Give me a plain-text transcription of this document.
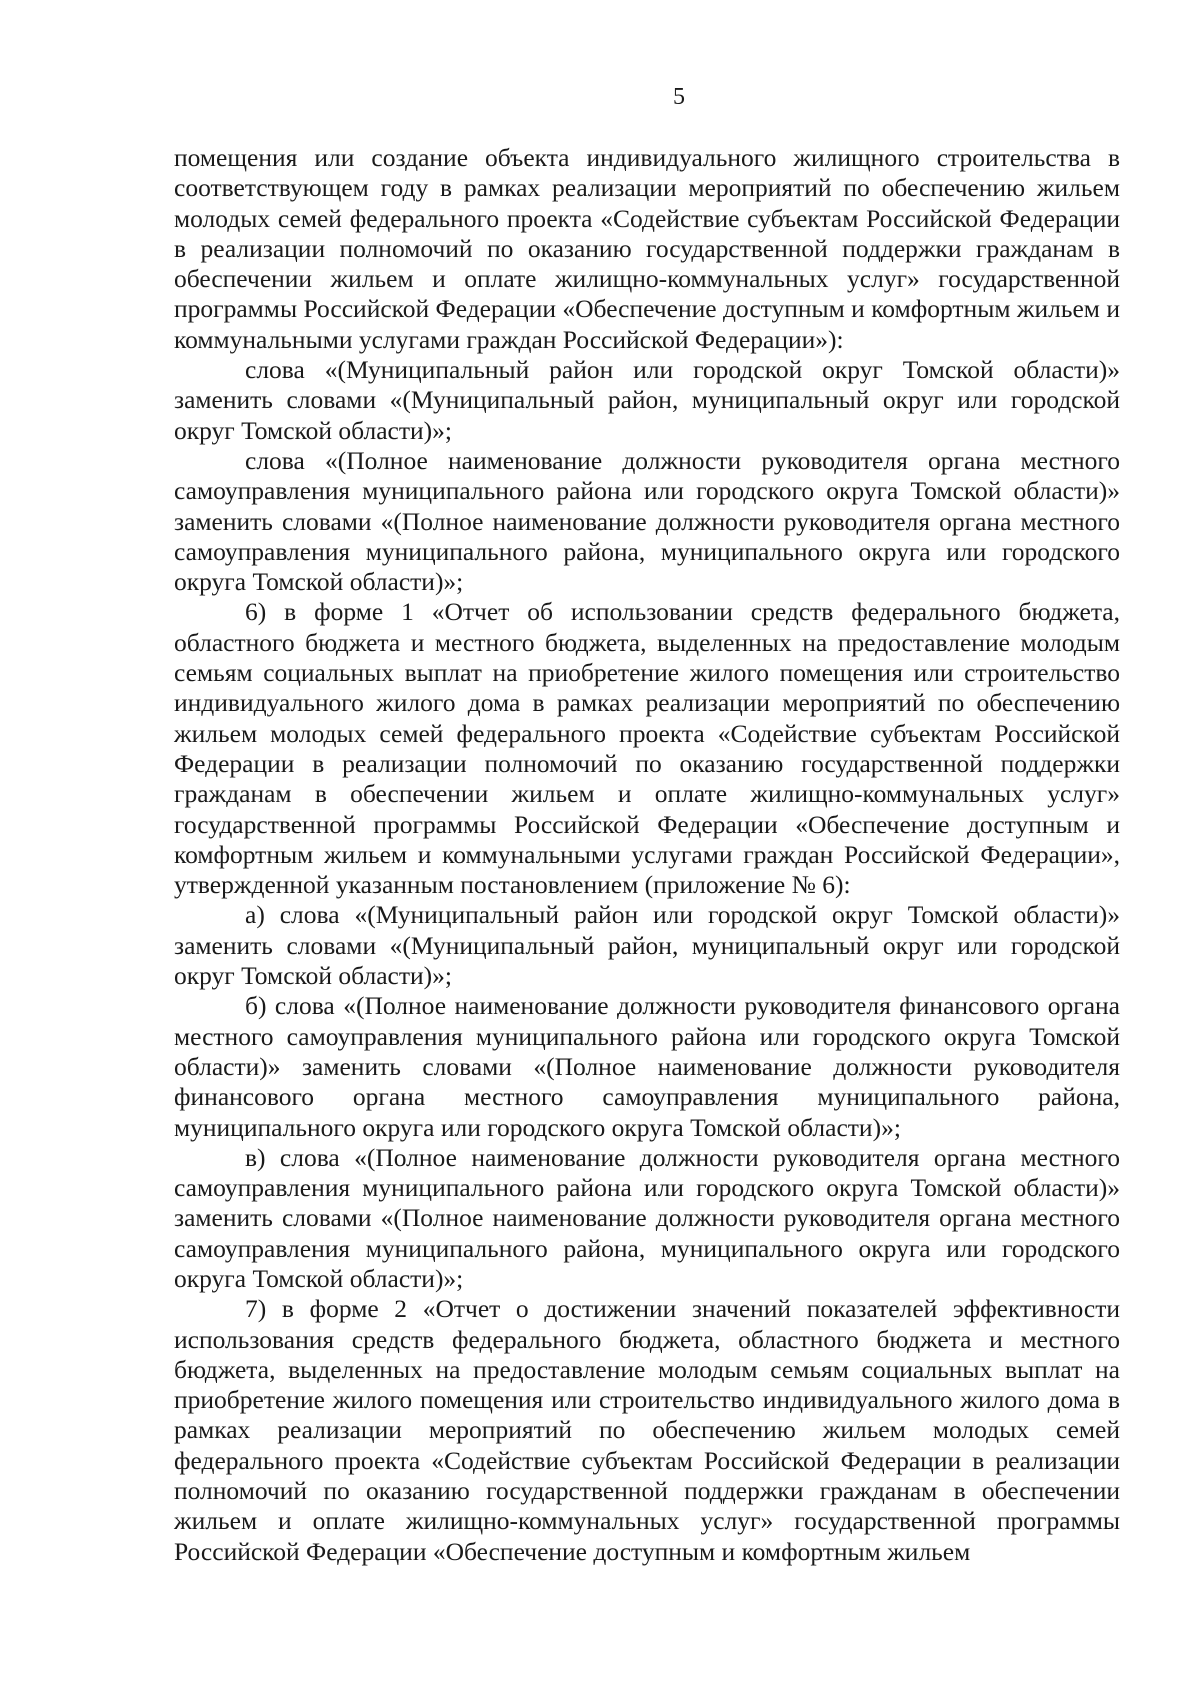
5

помещения или создание объекта индивидуального жилищного строительства в соответствующем году в рамках реализации мероприятий по обеспечению жильем молодых семей федерального проекта «Содействие субъектам Российской Федерации в реализации полномочий по оказанию государственной поддержки гражданам в обеспечении жильем и оплате жилищно-коммунальных услуг» государственной программы Российской Федерации «Обеспечение доступным и комфортным жильем и коммунальными услугами граждан Российской Федерации»):

слова «(Муниципальный район или городской округ Томской области)» заменить словами «(Муниципальный район, муниципальный округ или городской округ Томской области)»;

слова «(Полное наименование должности руководителя органа местного самоуправления муниципального района или городского округа Томской области)» заменить словами «(Полное наименование должности руководителя органа местного самоуправления муниципального района, муниципального округа или городского округа Томской области)»;

6) в форме 1 «Отчет об использовании средств федерального бюджета, областного бюджета и местного бюджета, выделенных на предоставление молодым семьям социальных выплат на приобретение жилого помещения или строительство индивидуального жилого дома в рамках реализации мероприятий по обеспечению жильем молодых семей федерального проекта «Содействие субъектам Российской Федерации в реализации полномочий по оказанию государственной поддержки гражданам в обеспечении жильем и оплате жилищно-коммунальных услуг» государственной программы Российской Федерации «Обеспечение доступным и комфортным жильем и коммунальными услугами граждан Российской Федерации», утвержденной указанным постановлением (приложение № 6):

а) слова «(Муниципальный район или городской округ Томской области)» заменить словами «(Муниципальный район, муниципальный округ или городской округ Томской области)»;

б) слова «(Полное наименование должности руководителя финансового органа местного самоуправления муниципального района или городского округа Томской области)» заменить словами «(Полное наименование должности руководителя финансового органа местного самоуправления муниципального района, муниципального округа или городского округа Томской области)»;

в) слова «(Полное наименование должности руководителя органа местного самоуправления муниципального района или городского округа Томской области)» заменить словами «(Полное наименование должности руководителя органа местного самоуправления муниципального района, муниципального округа или городского округа Томской области)»;

7) в форме 2 «Отчет о достижении значений показателей эффективности использования средств федерального бюджета, областного бюджета и местного бюджета, выделенных на предоставление молодым семьям социальных выплат на приобретение жилого помещения или строительство индивидуального жилого дома в рамках реализации мероприятий по обеспечению жильем молодых семей федерального проекта «Содействие субъектам Российской Федерации в реализации полномочий по оказанию государственной поддержки гражданам в обеспечении жильем и оплате жилищно-коммунальных услуг» государственной программы Российской Федерации «Обеспечение доступным и комфортным жильем
